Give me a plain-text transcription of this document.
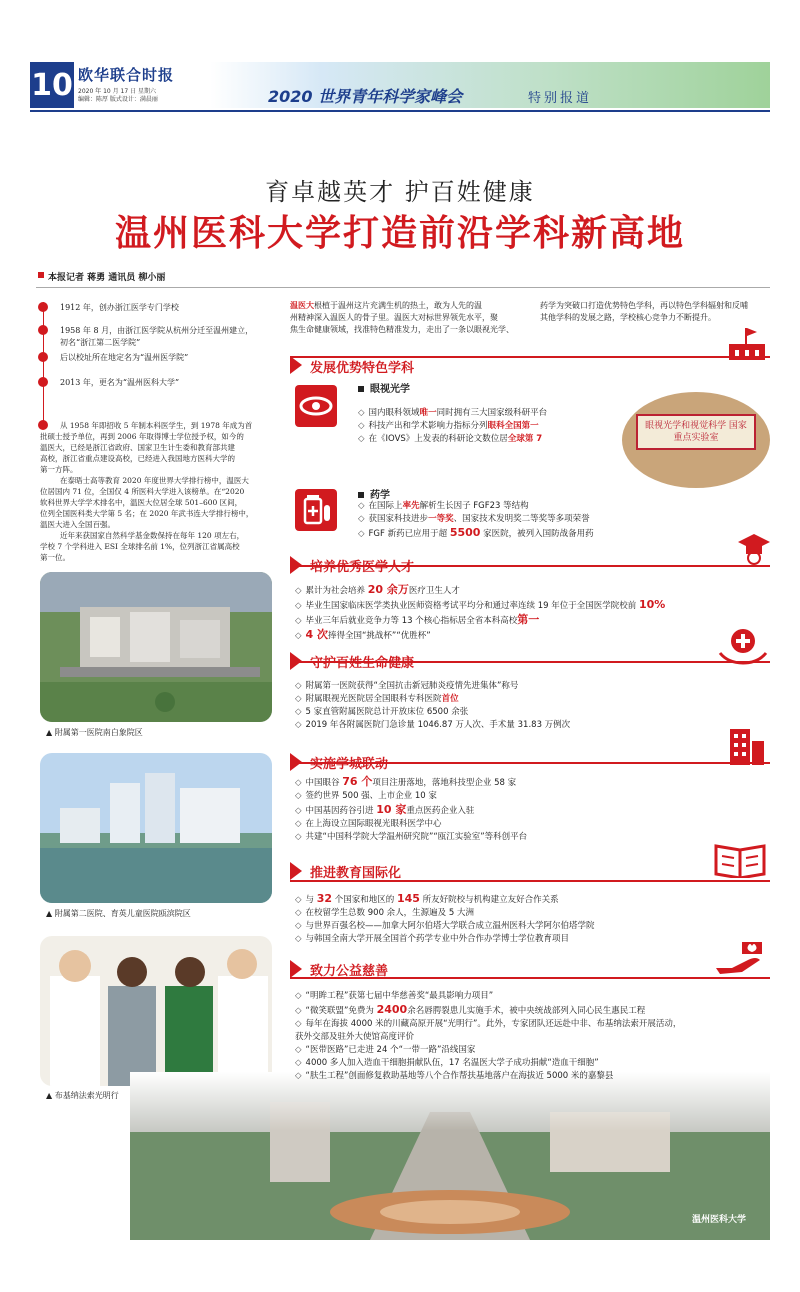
10 欧华联合时报
2020 年 10 月 17 日 星期六
编辑：陈厚 版式设计：满晨丽	2020 世界青年科学家峰会	特别报道
育卓越英才 护百姓健康
温州医科大学打造前沿学科新高地
本报记者 蒋勇 通讯员 柳小丽
1912 年，创办浙江医学专门学校
1958 年 8 月，由浙江医学院从杭州分迁至温州建立，
初名“浙江第二医学院”
后以校址所在地定名为“温州医学院”
2013 年，更名为“温州医科大学”
从 1958 年即招收 5 年制本科医学生，到 1978 年成为首
批硕士授予单位，再到 2006 年取得博士学位授予权，如今的
温医大，已经是浙江省政府、国家卫生计生委和教育部共建
高校，浙江省重点建设高校，已经进入我国地方医科大学的
第一方阵。
在泰晤士高等教育 2020 年度世界大学排行榜中，温医大
位居国内 71 位，全国仅 4 所医科大学进入该榜单。在“2020
软科世界大学学术排名中，温医大位居全球 501–600 区间，
位列全国医科类大学第 5 名；在 2020 年武书连大学排行榜中，
温医大进入全国百强。
近年来获国家自然科学基金数保持在每年 120 项左右，
学校 7 个学科进入 ESI 全球排名前 1%，位列浙江省属高校
第一位。
▲ 附属第一医院南白象院区
▲ 附属第二医院、育英儿童医院瓯滨院区
▲ 布基纳法索光明行
温州医科大学
温医大根植于温州这片充满生机的热土，敢为人先的温
州精神深入温医人的骨子里。温医大对标世界领先水平，聚
焦生命健康领域，找准特色精准发力，走出了一条以眼视光学、
药学为突破口打造优势特色学科，再以特色学科辐射和反哺
其他学科的发展之路，学校核心竞争力不断提升。
发展优势特色学科
眼视光学
◇ 国内眼科领域唯一同时拥有三大国家级科研平台
◇ 科技产出和学术影响力指标分列眼科全国第一
◇ 在《IOVS》上发表的科研论文数位居全球第 7
眼视光学和视觉科学 国家重点实验室
药学
◇ 在国际上率先解析生长因子 FGF23 等结构
◇ 获国家科技进步一等奖、国家技术发明奖二等奖等多项荣誉
◇ FGF 新药已应用于超 5500 家医院，被列入国防战备用药
培养优秀医学人才
◇ 累计为社会培养 20 余万医疗卫生人才
◇ 毕业生国家临床医学类执业医师资格考试平均分和通过率连续 19 年位于全国医学院校前 10%
◇ 毕业三年后就业竞争力等 13 个核心指标居全省本科高校第一
◇ 4 次捧得全国“挑战杯”“优胜杯”
守护百姓生命健康
◇ 附属第一医院获得“全国抗击新冠肺炎疫情先进集体”称号
◇ 附属眼视光医院居全国眼科专科医院首位
◇ 5 家直管附属医院总计开放床位 6500 余张
◇ 2019 年各附属医院门急诊量 1046.87 万人次、手术量 31.83 万例次
实施学城联动
◇ 中国眼谷 76 个项目注册落地，落地科技型企业 58 家
◇ 签约世界 500 强、上市企业 10 家
◇ 中国基因药谷引进 10 家重点医药企业入驻
◇ 在上海设立国际眼视光眼科医学中心
◇ 共建“中国科学院大学温州研究院”“瓯江实验室”等科创平台
推进教育国际化
◇ 与 32 个国家和地区的 145 所友好院校与机构建立友好合作关系
◇ 在校留学生总数 900 余人，生源遍及 5 大洲
◇ 与世界百强名校——加拿大阿尔伯塔大学联合成立温州医科大学阿尔伯塔学院
◇ 与韩国全南大学开展全国首个药学专业中外合作办学博士学位教育项目
致力公益慈善
◇ “明眸工程”获第七届中华慈善奖“最具影响力项目”
◇ “微笑联盟”免费为 2400余名唇腭裂患儿实施手术，被中央统战部列入同心民生惠民工程
◇ 每年在海拔 4000 米的川藏高原开展“光明行”。此外，专家团队还远赴中非、布基纳法索开展活动，
获外交部及驻外大使馆高度评价
◇ “医带医路”已走进 24 个“一带一路”沿线国家
◇ 4000 多人加入造血干细胞捐献队伍，17 名温医大学子成功捐献“造血干细胞”
◇ “肤生工程”创面修复救助基地等八个合作帮扶基地落户在海拔近 5000 米的嘉黎县
